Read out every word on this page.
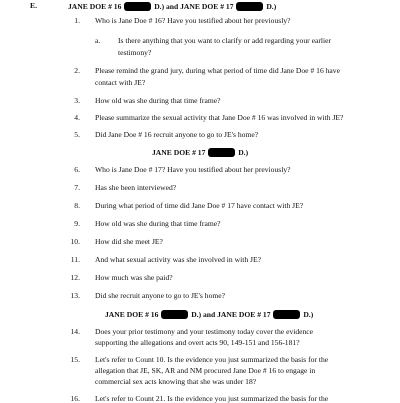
E.	JANE DOE # 16	D.) and JANE DOE # 17	D.)
1. Who is Jane Doe # 16? Have you testified about her previously?
a. Is there anything that you want to clarify or add regarding your earlier
testimony?
2. Please remind the grand jury, during what period of time did Jane Doe # 16 have
contact with JE?
3. How old was she during that time frame?
4. Please summarize the sexual activity that Jane Doe # 16 was involved in with JE?
5. Did Jane Doe # 16 recruit anyone to go to JE's home?
JANE DOE # 17	D.)
6. Who is Jane Doe # 17? Have you testified about her previously?
7. Has she been interviewed?
8. During what period of time did Jane Doe # 17 have contact with JE?
9. How old was she during that time frame?
10. How did she meet JE?
11. And what sexual activity was she involved in with JE?
12. How much was she paid?
13. Did she recruit anyone to go to JE's home?
JANE DOE # 16	D.) and JANE DOE # 17	D.)
14. Does your prior testimony and your testimony today cover the evidence
supporting the allegations and overt acts 90, 149-151 and 156-181?
15. Let's refer to Count 10. Is the evidence you just summarized the basis for the
allegation that JE, SK, AR and NM procured Jane Doe # 16 to engage in
commercial sex acts knowing that she was under 18?
16. Let's refer to Count 21. Is the evidence you just summarized the basis for the
